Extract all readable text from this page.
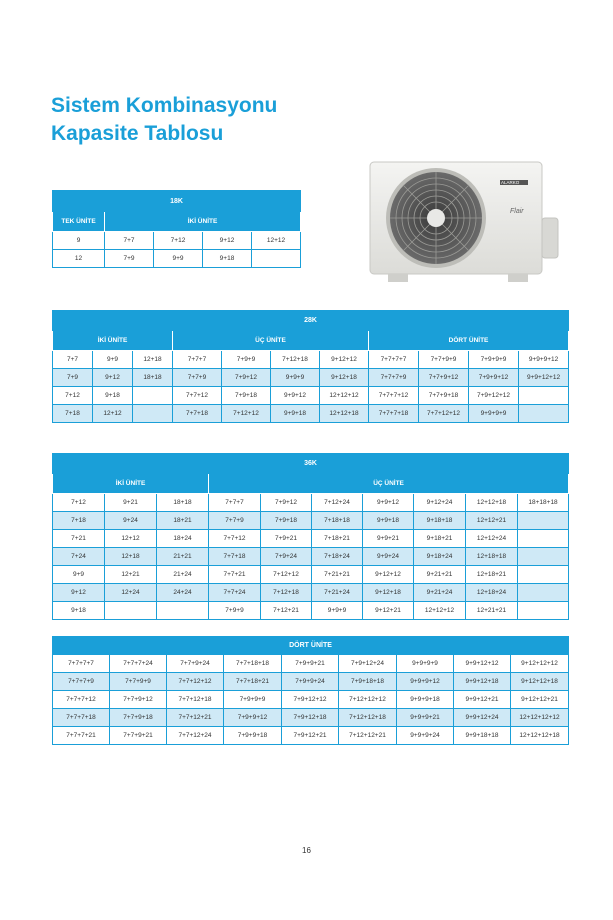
Sistem Kombinasyonu
Kapasite Tablosu
Flair
ALARKO
18K				
TEK ÜNİTE	İKİ ÜNİTE			
9	7+7	7+12	9+12	12+12
12	7+9	9+9	9+18	
28K										
İKİ ÜNİTE			ÜÇ ÜNİTE				DÖRT ÜNİTE			
7+7	9+9	12+18	7+7+7	7+9+9	7+12+18	9+12+12	7+7+7+7	7+7+9+9	7+9+9+9	9+9+9+12
7+9	9+12	18+18	7+7+9	7+9+12	9+9+9	9+12+18	7+7+7+9	7+7+9+12	7+9+9+12	9+9+12+12
7+12	9+18		7+7+12	7+9+18	9+9+12	12+12+12	7+7+7+12	7+7+9+18	7+9+12+12	
7+18	12+12		7+7+18	7+12+12	9+9+18	12+12+18	7+7+7+18	7+7+12+12	9+9+9+9	
36K									
İKİ ÜNİTE			ÜÇ ÜNİTE						
7+12	9+21	18+18	7+7+7	7+9+12	7+12+24	9+9+12	9+12+24	12+12+18	18+18+18
7+18	9+24	18+21	7+7+9	7+9+18	7+18+18	9+9+18	9+18+18	12+12+21	
7+21	12+12	18+24	7+7+12	7+9+21	7+18+21	9+9+21	9+18+21	12+12+24	
7+24	12+18	21+21	7+7+18	7+9+24	7+18+24	9+9+24	9+18+24	12+18+18	
9+9	12+21	21+24	7+7+21	7+12+12	7+21+21	9+12+12	9+21+21	12+18+21	
9+12	12+24	24+24	7+7+24	7+12+18	7+21+24	9+12+18	9+21+24	12+18+24	
9+18			7+9+9	7+12+21	9+9+9	9+12+21	12+12+12	12+21+21	
DÖRT ÜNİTE								
7+7+7+7	7+7+7+24	7+7+9+24	7+7+18+18	7+9+9+21	7+9+12+24	9+9+9+9	9+9+12+12	9+12+12+12
7+7+7+9	7+7+9+9	7+7+12+12	7+7+18+21	7+9+9+24	7+9+18+18	9+9+9+12	9+9+12+18	9+12+12+18
7+7+7+12	7+7+9+12	7+7+12+18	7+9+9+9	7+9+12+12	7+12+12+12	9+9+9+18	9+9+12+21	9+12+12+21
7+7+7+18	7+7+9+18	7+7+12+21	7+9+9+12	7+9+12+18	7+12+12+18	9+9+9+21	9+9+12+24	12+12+12+12
7+7+7+21	7+7+9+21	7+7+12+24	7+9+9+18	7+9+12+21	7+12+12+21	9+9+9+24	9+9+18+18	12+12+12+18
16
